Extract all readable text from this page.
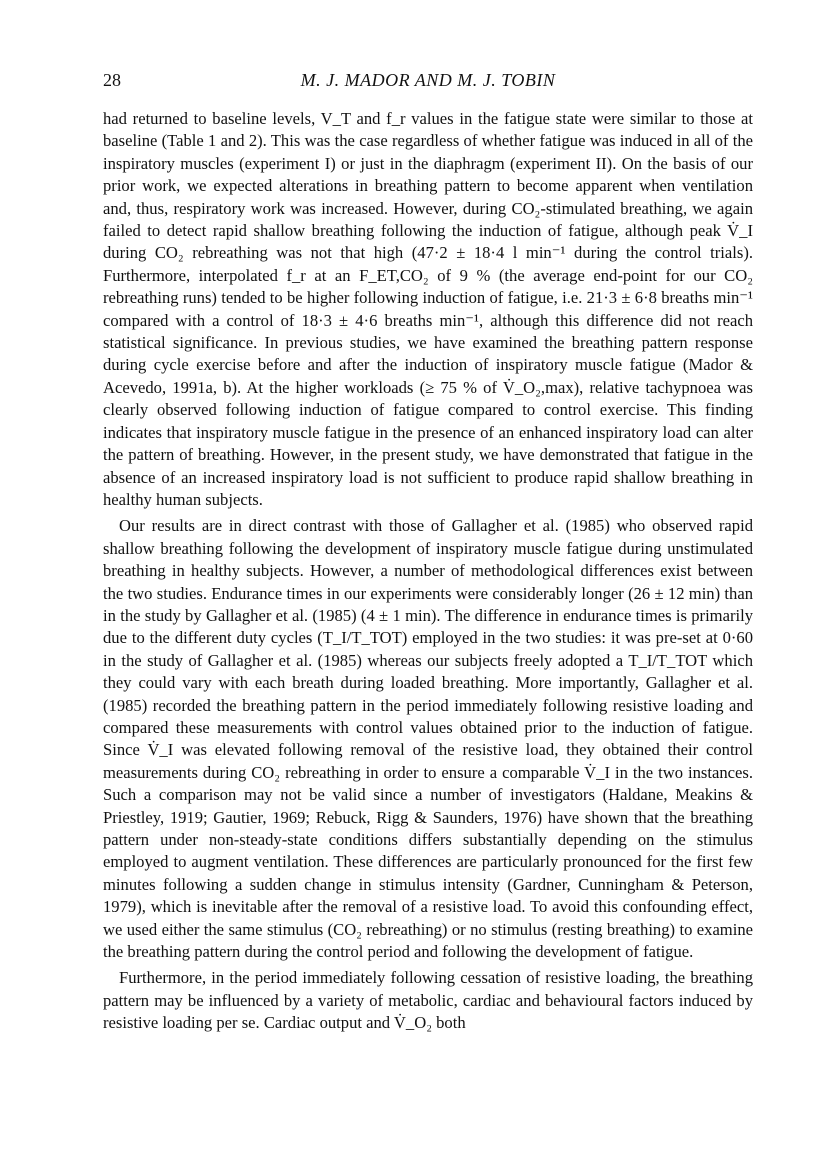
28	M. J. MADOR AND M. J. TOBIN

had returned to baseline levels, V_T and f_r values in the fatigue state were similar to those at baseline (Table 1 and 2). This was the case regardless of whether fatigue was induced in all of the inspiratory muscles (experiment I) or just in the diaphragm (experiment II). On the basis of our prior work, we expected alterations in breathing pattern to become apparent when ventilation and, thus, respiratory work was increased. However, during CO₂-stimulated breathing, we again failed to detect rapid shallow breathing following the induction of fatigue, although peak V̇_I during CO₂ rebreathing was not that high (47·2 ± 18·4 l min⁻¹ during the control trials). Furthermore, interpolated f_r at an F_ET,CO₂ of 9 % (the average end-point for our CO₂ rebreathing runs) tended to be higher following induction of fatigue, i.e. 21·3 ± 6·8 breaths min⁻¹ compared with a control of 18·3 ± 4·6 breaths min⁻¹, although this difference did not reach statistical significance. In previous studies, we have examined the breathing pattern response during cycle exercise before and after the induction of inspiratory muscle fatigue (Mador & Acevedo, 1991a, b). At the higher workloads (≥ 75 % of V̇_O₂,max), relative tachypnoea was clearly observed following induction of fatigue compared to control exercise. This finding indicates that inspiratory muscle fatigue in the presence of an enhanced inspiratory load can alter the pattern of breathing. However, in the present study, we have demonstrated that fatigue in the absence of an increased inspiratory load is not sufficient to produce rapid shallow breathing in healthy human subjects.

Our results are in direct contrast with those of Gallagher et al. (1985) who observed rapid shallow breathing following the development of inspiratory muscle fatigue during unstimulated breathing in healthy subjects. However, a number of methodological differences exist between the two studies. Endurance times in our experiments were considerably longer (26 ± 12 min) than in the study by Gallagher et al. (1985) (4 ± 1 min). The difference in endurance times is primarily due to the different duty cycles (T_I/T_TOT) employed in the two studies: it was pre-set at 0·60 in the study of Gallagher et al. (1985) whereas our subjects freely adopted a T_I/T_TOT which they could vary with each breath during loaded breathing. More importantly, Gallagher et al. (1985) recorded the breathing pattern in the period immediately following resistive loading and compared these measurements with control values obtained prior to the induction of fatigue. Since V̇_I was elevated following removal of the resistive load, they obtained their control measurements during CO₂ rebreathing in order to ensure a comparable V̇_I in the two instances. Such a comparison may not be valid since a number of investigators (Haldane, Meakins & Priestley, 1919; Gautier, 1969; Rebuck, Rigg & Saunders, 1976) have shown that the breathing pattern under non-steady-state conditions differs substantially depending on the stimulus employed to augment ventilation. These differences are particularly pronounced for the first few minutes following a sudden change in stimulus intensity (Gardner, Cunningham & Peterson, 1979), which is inevitable after the removal of a resistive load. To avoid this confounding effect, we used either the same stimulus (CO₂ rebreathing) or no stimulus (resting breathing) to examine the breathing pattern during the control period and following the development of fatigue.

Furthermore, in the period immediately following cessation of resistive loading, the breathing pattern may be influenced by a variety of metabolic, cardiac and behavioural factors induced by resistive loading per se. Cardiac output and V̇_O₂ both
